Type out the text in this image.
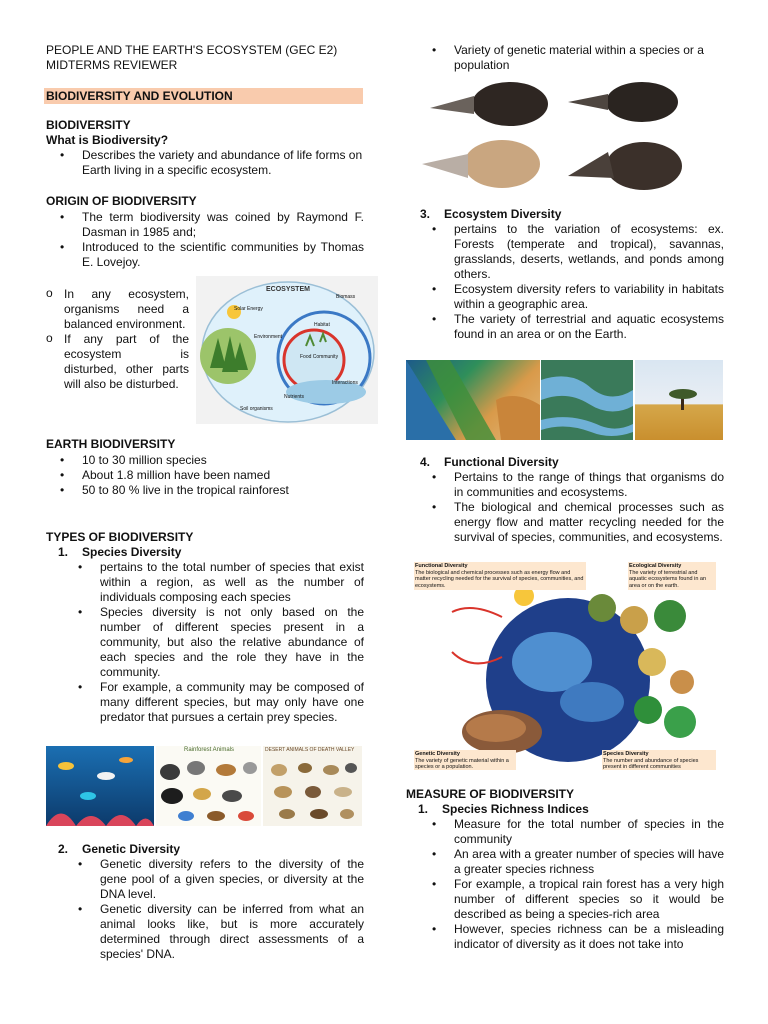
PEOPLE AND THE EARTH'S ECOSYSTEM (GEC E2)
MIDTERMS REVIEWER
BIODIVERSITY AND EVOLUTION
BIODIVERSITY
What is Biodiversity?
• Describes the variety and abundance of life forms on Earth living in a specific ecosystem.
ORIGIN OF BIODIVERSITY
• The term biodiversity was coined by Raymond F. Dasman in 1985 and;
• Introduced to the scientific communities by Thomas E. Lovejoy.
o In any ecosystem, organisms need a balanced environment.
o If any part of the ecosystem is disturbed, other parts will also be disturbed.
ECOSYSTEM
Solar Energy
Biomass
Habitat
Environment
Food Community
Nutrients
Soil organisms
Interactions
EARTH BIODIVERSITY
• 10 to 30 million species
• About 1.8 million have been named
• 50 to 80 % live in the tropical rainforest
TYPES OF BIODIVERSITY
1. Species Diversity
• pertains to the total number of species that exist within a region, as well as the number of individuals composing each species
• Species diversity is not only based on the number of different species present in a community, but also the relative abundance of each species and the role they have in the community.
• For example, a community may be composed of many different species, but may only have one predator that pursues a certain prey species.
Rainforest Animals	DESERT ANIMALS OF DEATH VALLEY
2. Genetic Diversity
• Genetic diversity refers to the diversity of the gene pool of a given species, or diversity at the DNA level.
• Genetic diversity can be inferred from what an animal looks like, but is more accurately determined through direct assessments of a species' DNA.
• Variety of genetic material within a species or a population
3. Ecosystem Diversity
• pertains to the variation of ecosystems: ex. Forests (temperate and tropical), savannas, grasslands, deserts, wetlands, and ponds among others.
• Ecosystem diversity refers to variability in habitats within a geographic area.
• The variety of terrestrial and aquatic ecosystems found in an area or on the Earth.
4. Functional Diversity
• Pertains to the range of things that organisms do in communities and ecosystems.
• The biological and chemical processes such as energy flow and matter recycling needed for the survival of species, communities, and ecosystems.
Functional Diversity
The biological and chemical processes such as energy flow and matter recycling needed for the survival of species, communities, and ecosystems.
Ecological Diversity
The variety of terrestrial and aquatic ecosystems found in an area or on the earth.
Genetic Diversity
The variety of genetic material within a species or a population.
Species Diversity
The number and abundance of species present in different communities
MEASURE OF BIODIVERSITY
1. Species Richness Indices
• Measure for the total number of species in the community
• An area with a greater number of species will have a greater species richness
• For example, a tropical rain forest has a very high number of different species so it would be described as being a species-rich area
• However, species richness can be a misleading indicator of diversity as it does not take into
